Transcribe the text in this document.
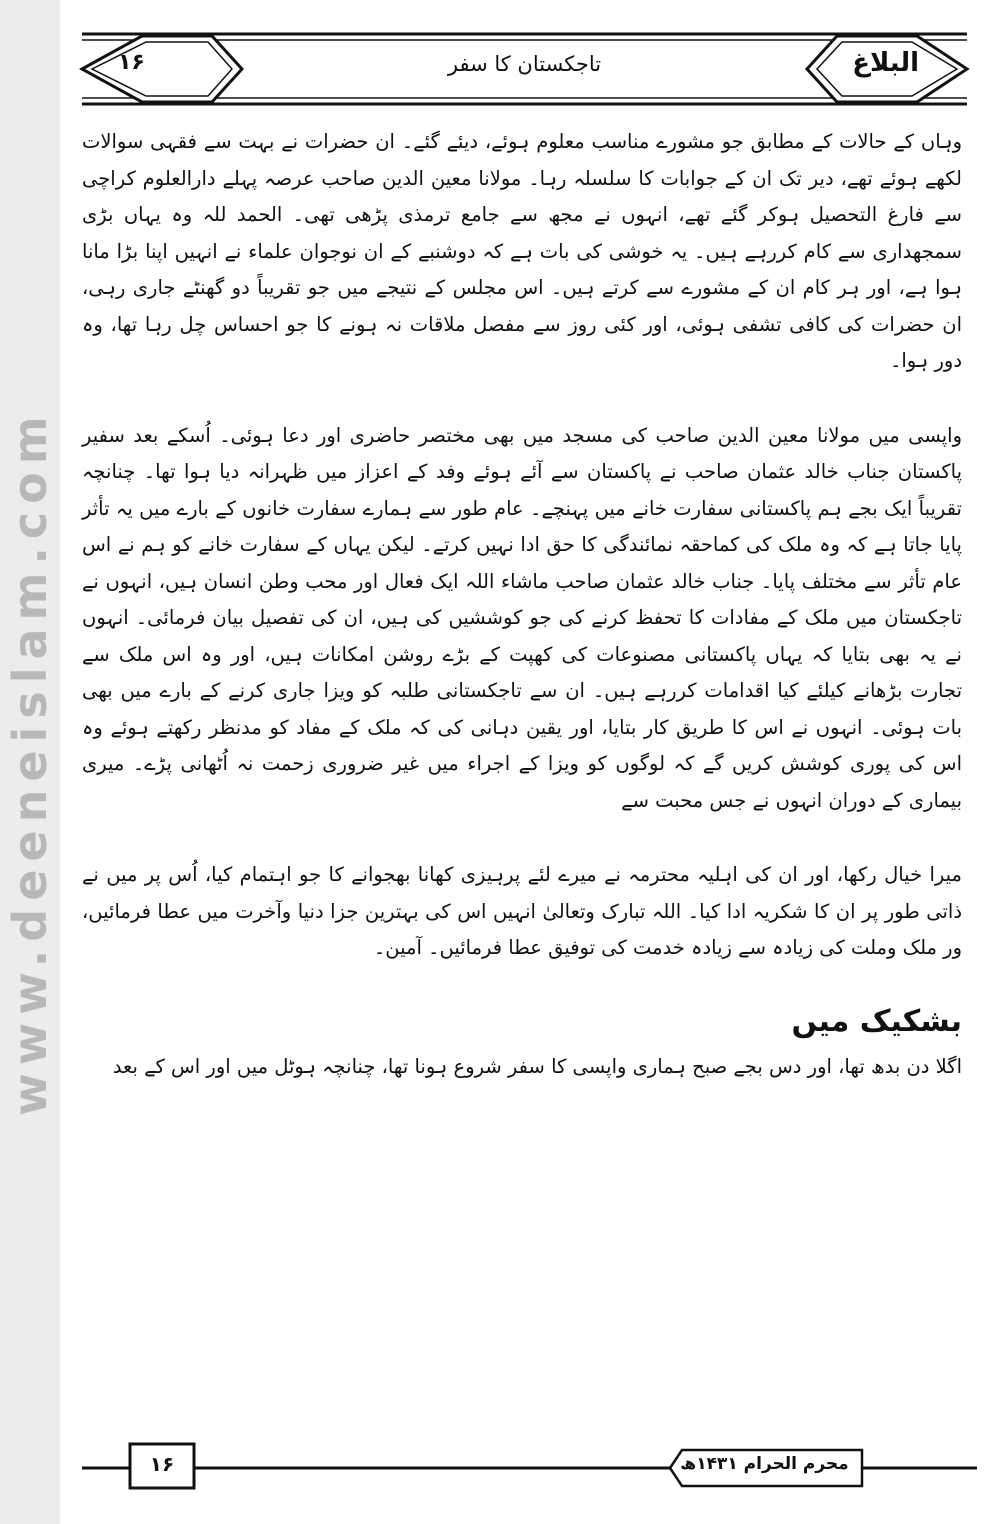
www.deeneislam.com
البلاغ
تاجکستان کا سفر
۱۶

وہاں کے حالات کے مطابق جو مشورے مناسب معلوم ہوئے، دیئے گئے۔ ان حضرات نے بہت سے فقہی سوالات لکھے ہوئے تھے، دیر تک ان کے جوابات کا سلسلہ رہا۔ مولانا معین الدین صاحب عرصہ پہلے دارالعلوم کراچی سے فارغ التحصیل ہوکر گئے تھے، انہوں نے مجھ سے جامع ترمذی پڑھی تھی۔ الحمد للہ وہ یہاں بڑی سمجھداری سے کام کررہے ہیں۔ یہ خوشی کی بات ہے کہ دوشنبے کے ان نوجوان علماء نے انہیں اپنا بڑا مانا ہوا ہے، اور ہر کام ان کے مشورے سے کرتے ہیں۔ اس مجلس کے نتیجے میں جو تقریباً دو گھنٹے جاری رہی، ان حضرات کی کافی تشفی ہوئی، اور کئی روز سے مفصل ملاقات نہ ہونے کا جو احساس چل رہا تھا، وہ دور ہوا۔

واپسی میں مولانا معین الدین صاحب کی مسجد میں بھی مختصر حاضری اور دعا ہوئی۔ اُسکے بعد سفیر پاکستان جناب خالد عثمان صاحب نے پاکستان سے آئے ہوئے وفد کے اعزاز میں ظہرانہ دیا ہوا تھا۔ چنانچہ تقریباً ایک بجے ہم پاکستانی سفارت خانے میں پہنچے۔ عام طور سے ہمارے سفارت خانوں کے بارے میں یہ تأثر پایا جاتا ہے کہ وہ ملک کی کماحقہ نمائندگی کا حق ادا نہیں کرتے۔ لیکن یہاں کے سفارت خانے کو ہم نے اس عام تأثر سے مختلف پایا۔ جناب خالد عثمان صاحب ماشاء اللہ ایک فعال اور محب وطن انسان ہیں، انہوں نے تاجکستان میں ملک کے مفادات کا تحفظ کرنے کی جو کوششیں کی ہیں، ان کی تفصیل بیان فرمائی۔ انہوں نے یہ بھی بتایا کہ یہاں پاکستانی مصنوعات کی کھپت کے بڑے روشن امکانات ہیں، اور وہ اس ملک سے تجارت بڑھانے کیلئے کیا اقدامات کررہے ہیں۔ ان سے تاجکستانی طلبہ کو ویزا جاری کرنے کے بارے میں بھی بات ہوئی۔ انہوں نے اس کا طریق کار بتایا، اور یقین دہانی کی کہ ملک کے مفاد کو مدنظر رکھتے ہوئے وہ اس کی پوری کوشش کریں گے کہ لوگوں کو ویزا کے اجراء میں غیر ضروری زحمت نہ اُٹھانی پڑے۔ میری بیماری کے دوران انہوں نے جس محبت سے

میرا خیال رکھا، اور ان کی اہلیہ محترمہ نے میرے لئے پرہیزی کھانا بھجوانے کا جو اہتمام کیا، اُس پر میں نے ذاتی طور پر ان کا شکریہ ادا کیا۔ اللہ تبارک وتعالیٰ انہیں اس کی بہترین جزا دنیا وآخرت میں عطا فرمائیں، ور ملک وملت کی زیادہ سے زیادہ خدمت کی توفیق عطا فرمائیں۔ آمین۔

بشکیک میں

اگلا دن بدھ تھا، اور دس بجے صبح ہماری واپسی کا سفر شروع ہونا تھا، چنانچہ ہوٹل میں اور اس کے بعد

۱۶	محرم الحرام ۱۴۳۱ھ
